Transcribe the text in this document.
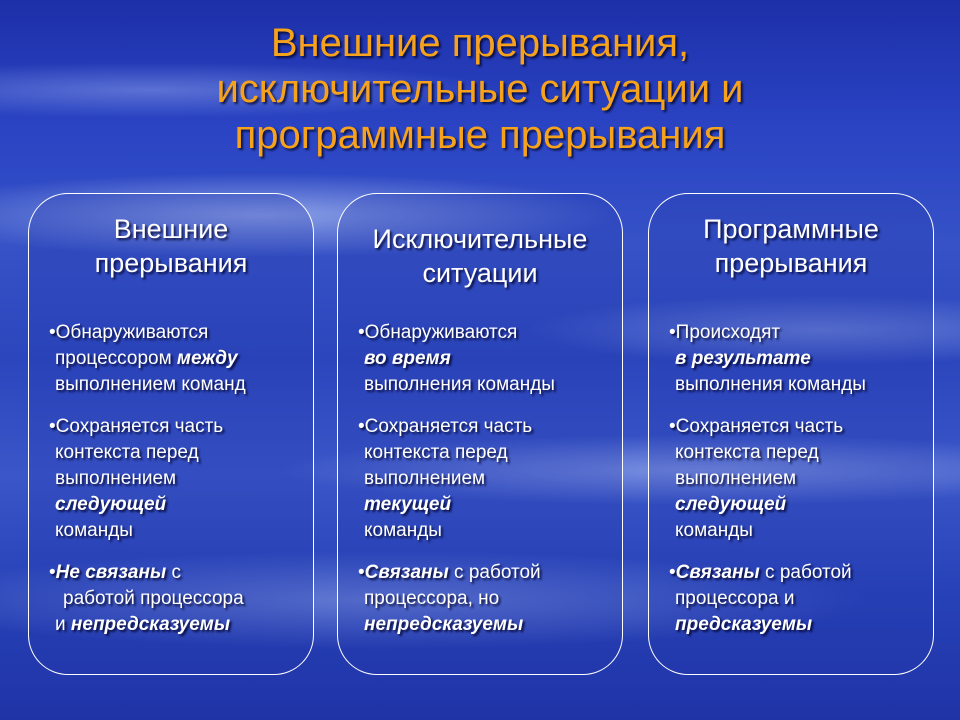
Внешние прерывания,
исключительные ситуации и
программные прерывания
Внешние
прерывания
•Обнаруживаются
процессором между
выполнением команд
•Сохраняется часть
контекста перед
выполнением
следующей
команды
•Не связаны с
работой процессора
и непредсказуемы
Исключительные
ситуации
•Обнаруживаются
во время
выполнения команды
•Сохраняется часть
контекста перед
выполнением
текущей
команды
•Связаны с работой
процессора, но
непредсказуемы
Программные
прерывания
•Происходят
в результате
выполнения команды
•Сохраняется часть
контекста перед
выполнением
следующей
команды
•Связаны с работой
процессора и
предсказуемы
